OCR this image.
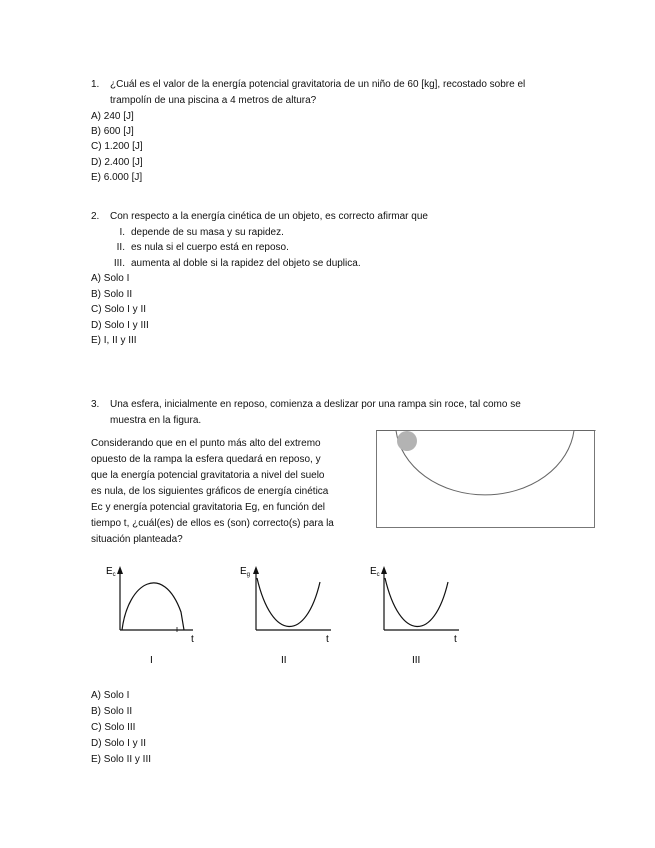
1. ¿Cuál es el valor de la energía potencial gravitatoria de un niño de 60 [kg], recostado sobre el
trampolín de una piscina a 4 metros de altura?
A) 240 [J]
B) 600 [J]
C) 1.200 [J]
D) 2.400 [J]
E) 6.000 [J]
2. Con respecto a la energía cinética de un objeto, es correcto afirmar que
I. depende de su masa y su rapidez.
II. es nula si el cuerpo está en reposo.
III. aumenta al doble si la rapidez del objeto se duplica.
A) Solo I
B) Solo II
C) Solo I y II
D) Solo I y III
E) I, II y III
3. Una esfera, inicialmente en reposo, comienza a deslizar por una rampa sin roce, tal como se
muestra en la figura.
Considerando que en el punto más alto del extremo
opuesto de la rampa la esfera quedará en reposo, y
que la energía potencial gravitatoria a nivel del suelo
es nula, de los siguientes gráficos de energía cinética
Ec y energía potencial gravitatoria Eg, en función del
tiempo t, ¿cuál(es) de ellos es (son) correcto(s) para la
situación planteada?
$E_c$
t
I
$E_g$
t
II
$E_c$
t
III
A) Solo I
B) Solo II
C) Solo III
D) Solo I y II
E) Solo II y III
